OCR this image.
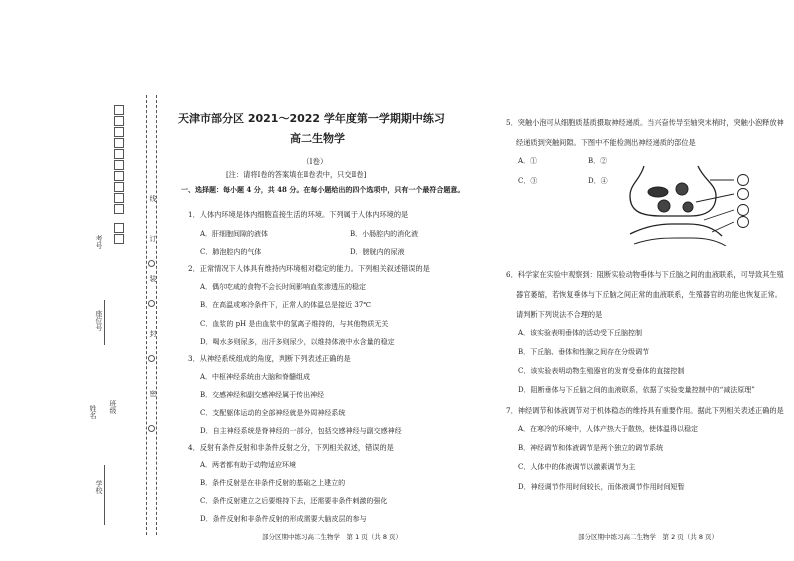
考号
座位号
班级
姓名
学校
密
封
装
订
线
天津市部分区 2021～2022 学年度第一学期期中练习
高二生物学
（Ⅰ卷）
[注：请将Ⅰ卷的答案填在Ⅱ卷表中，只交Ⅱ卷]
一、选择题：每小题 4 分，共 48 分。在每小题给出的四个选项中，只有一个最符合题意。
1．人体内环境是体内细胞直接生活的环境。下列属于人体内环境的是
A．肝细胞间隙的液体	B．小肠腔内的消化液
C．肺泡腔内的气体	D．膀胱内的尿液
2．正常情况下人体具有维持内环境相对稳定的能力。下列相关叙述错误的是
A．偶尔吃咸的食物不会长时间影响血浆渗透压的稳定
B．在高温或寒冷条件下，正常人的体温总是接近 37℃
C．血浆的 pH 是由血浆中的氢离子维持的，与其他物质无关
D．喝水多则尿多，出汗多则尿少，以维持体液中水含量的稳定
3．从神经系统组成的角度，判断下列表述正确的是
A．中枢神经系统由大脑和脊髓组成
B．交感神经和副交感神经属于传出神经
C．支配躯体运动的全部神经就是外周神经系统
D．自主神经系统是脊神经的一部分，包括交感神经与副交感神经
4．反射有条件反射和非条件反射之分，下列相关叙述，错误的是
A．两者都有助于动物适应环境
B．条件反射是在非条件反射的基础之上建立的
C．条件反射建立之后要维持下去，还需要非条件刺激的强化
D．条件反射和非条件反射的形成需要大脑皮层的参与
部分区期中练习高二生物学　第 1 页（共 8 页）
5．突触小泡可从细胞质基质摄取神经递质。当兴奋传导至轴突末梢时，突触小泡释放神
经递质到突触间隙。下图中不能检测出神经递质的部位是
A．①	B．②
C．③	D．④
6．科学家在实验中观察到：阻断实验动物垂体与下丘脑之间的血液联系，可导致其生殖
器官萎缩，若恢复垂体与下丘脑之间正常的血液联系，生殖器官的功能也恢复正常。
请判断下列说法不合理的是
A．该实验表明垂体的活动受下丘脑控制
B．下丘脑、垂体和性腺之间存在分级调节
C．该实验表明动物生殖器官的发育受垂体的直接控制
D．阻断垂体与下丘脑之间的血液联系，依据了实验变量控制中的“减法原理”
7．神经调节和体液调节对于机体稳态的维持具有重要作用。据此下列相关表述正确的是
A．在寒冷的环境中，人体产热大于散热，使体温得以稳定
B．神经调节和体液调节是两个独立的调节系统
C．人体中的体液调节以激素调节为主
D．神经调节作用时间较长，而体液调节作用时间短暂
部分区期中练习高二生物学　第 2 页（共 8 页）
